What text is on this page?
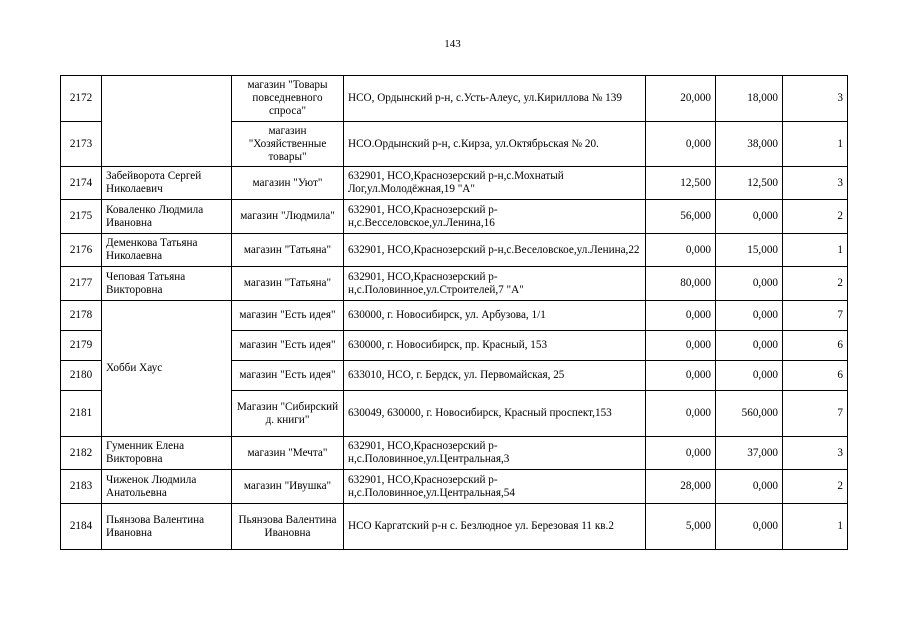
143
2172		магазин "Товары повседневного спроса"	НСО, Ордынский р-н, с.Усть-Алеус, ул.Кириллова № 139	20,000	18,000	3
2173		магазин "Хозяйственные товары"	НСО.Ордынский р-н, с.Кирза, ул.Октябрьская № 20.	0,000	38,000	1
2174	Забейворота Сергей Николаевич	магазин "Уют"	632901, НСО,Краснозерский р-н,с.Мохнатый Лог,ул.Молодёжная,19 "А"	12,500	12,500	3
2175	Коваленко Людмила Ивановна	магазин "Людмила"	632901, НСО,Краснозерский р-н,с.Весселовское,ул.Ленина,16	56,000	0,000	2
2176	Деменкова Татьяна Николаевна	магазин "Татьяна"	632901, НСО,Краснозерский р-н,с.Веселовское,ул.Ленина,22	0,000	15,000	1
2177	Чеповая Татьяна Викторовна	магазин "Татьяна"	632901, НСО,Краснозерский р-н,с.Половинное,ул.Строителей,7 "А"	80,000	0,000	2
2178	Хобби Хаус	магазин "Есть идея"	630000, г. Новосибирск, ул. Арбузова, 1/1	0,000	0,000	7
2179		магазин "Есть идея"	630000, г. Новосибирск, пр. Красный, 153	0,000	0,000	6
2180		магазин "Есть идея"	633010, НСО, г. Бердск, ул. Первомайская, 25	0,000	0,000	6
2181		Магазин "Сибирский д. книги"	630049, 630000, г. Новосибирск, Красный проспект,153	0,000	560,000	7
2182	Гуменник Елена Викторовна	магазин "Мечта"	632901, НСО,Краснозерский р-н,с.Половинное,ул.Центральная,3	0,000	37,000	3
2183	Чиженок Людмила Анатольевна	магазин "Ивушка"	632901, НСО,Краснозерский р-н,с.Половинное,ул.Центральная,54	28,000	0,000	2
2184	Пьянзова Валентина Ивановна	Пьянзова Валентина Ивановна	НСО Каргатский р-н с. Безлюдное ул. Березовая 11 кв.2	5,000	0,000	1
